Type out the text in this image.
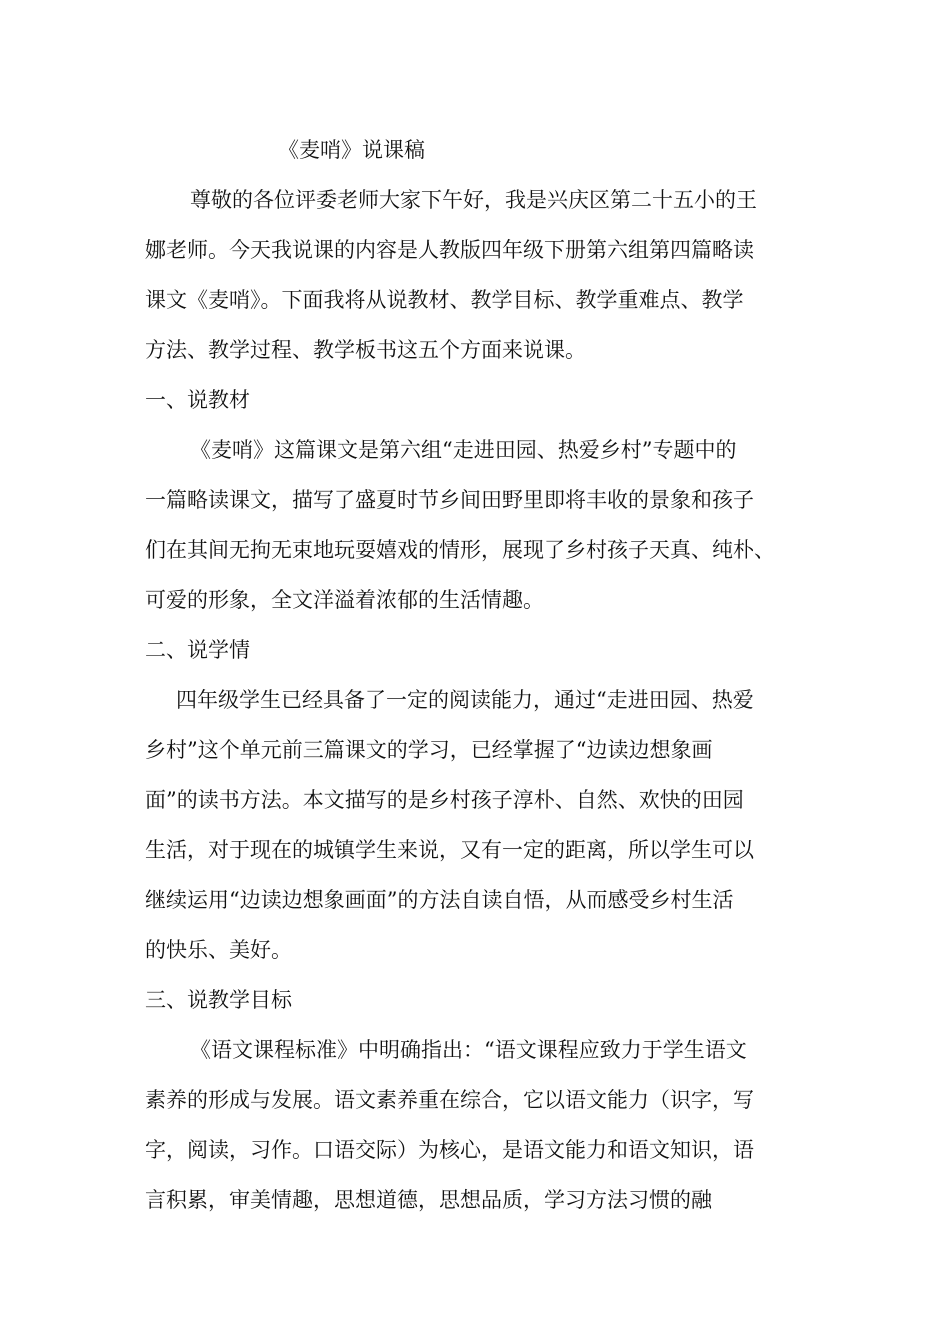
《麦哨》说课稿
尊敬的各位评委老师大家下午好，我是兴庆区第二十五小的王
娜老师。今天我说课的内容是人教版四年级下册第六组第四篇略读
课文《麦哨》。下面我将从说教材、教学目标、教学重难点、教学
方法、教学过程、教学板书这五个方面来说课。
一、说教材
《麦哨》这篇课文是第六组“走进田园、热爱乡村”专题中的
一篇略读课文，描写了盛夏时节乡间田野里即将丰收的景象和孩子
们在其间无拘无束地玩耍嬉戏的情形，展现了乡村孩子天真、纯朴、
可爱的形象，全文洋溢着浓郁的生活情趣。
二、说学情
四年级学生已经具备了一定的阅读能力，通过“走进田园、热爱
乡村”这个单元前三篇课文的学习，已经掌握了“边读边想象画
面”的读书方法。本文描写的是乡村孩子淳朴、自然、欢快的田园
生活，对于现在的城镇学生来说，又有一定的距离，所以学生可以
继续运用“边读边想象画面”的方法自读自悟，从而感受乡村生活
的快乐、美好。
三、说教学目标
《语文课程标准》中明确指出：“语文课程应致力于学生语文
素养的形成与发展。语文素养重在综合，它以语文能力（识字，写
字，阅读，习作。口语交际）为核心，是语文能力和语文知识，语
言积累，审美情趣，思想道德，思想品质，学习方法习惯的融
